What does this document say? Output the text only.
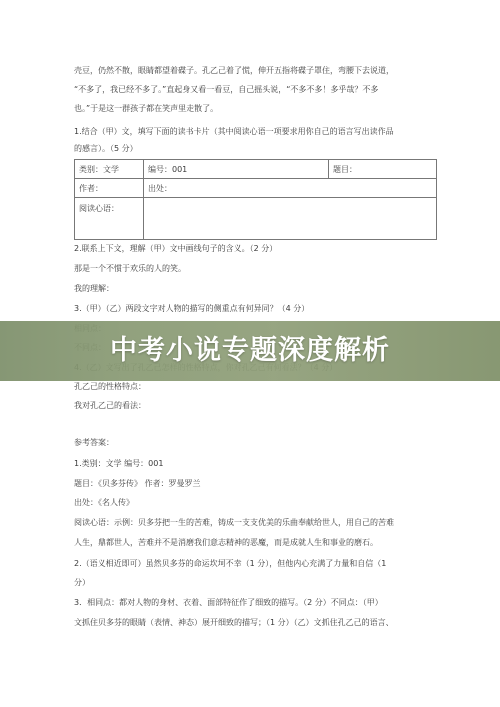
壳豆，仍然不散，眼睛都望着碟子。孔乙己着了慌，伸开五指将碟子罩住，弯腰下去说道，
“不多了，我已经不多了。”直起身又看一看豆，自己摇头说，“不多不多！多乎哉？不多
也。”于是这一群孩子都在笑声里走散了。
1.结合（甲）文，填写下面的读书卡片（其中阅读心语一项要求用你自己的语言写出读作品
的感言）。（5 分）
类别：文学	编号：001	题目：
作者：	出处：
阅读心语：
2.联系上下文，理解（甲）文中画线句子的含义。（2 分）
那是一个不惯于欢乐的人的笑。
我的理解：
3.（甲）（乙）两段文字对人物的描写的侧重点有何异同？（4 分）
孔乙己的性格特点：
我对孔乙己的看法：
参考答案：
1.类别：文学 编号：001
题目：《贝多芬传》 作者：罗曼罗兰
出处：《名人传》
阅读心语：示例：贝多芬把一生的苦难，铸成一支支优美的乐曲奉献给世人，用自己的苦难
人生，鼎都世人，苦难并不是消磨我们意志精神的恶魔，而是成就人生和事业的磨石。
2.（语义相近即可）虽然贝多芬的命运坎坷不幸（1 分），但他内心充满了力量和自信（1
分）
3．相同点：都对人物的身材、衣着、面部特征作了细致的描写。（2 分）不同点：（甲）
文抓住贝多芬的眼睛（表情、神态）展开细致的描写；（1 分）（乙）文抓住孔乙己的语言、
中考小说专题深度解析
